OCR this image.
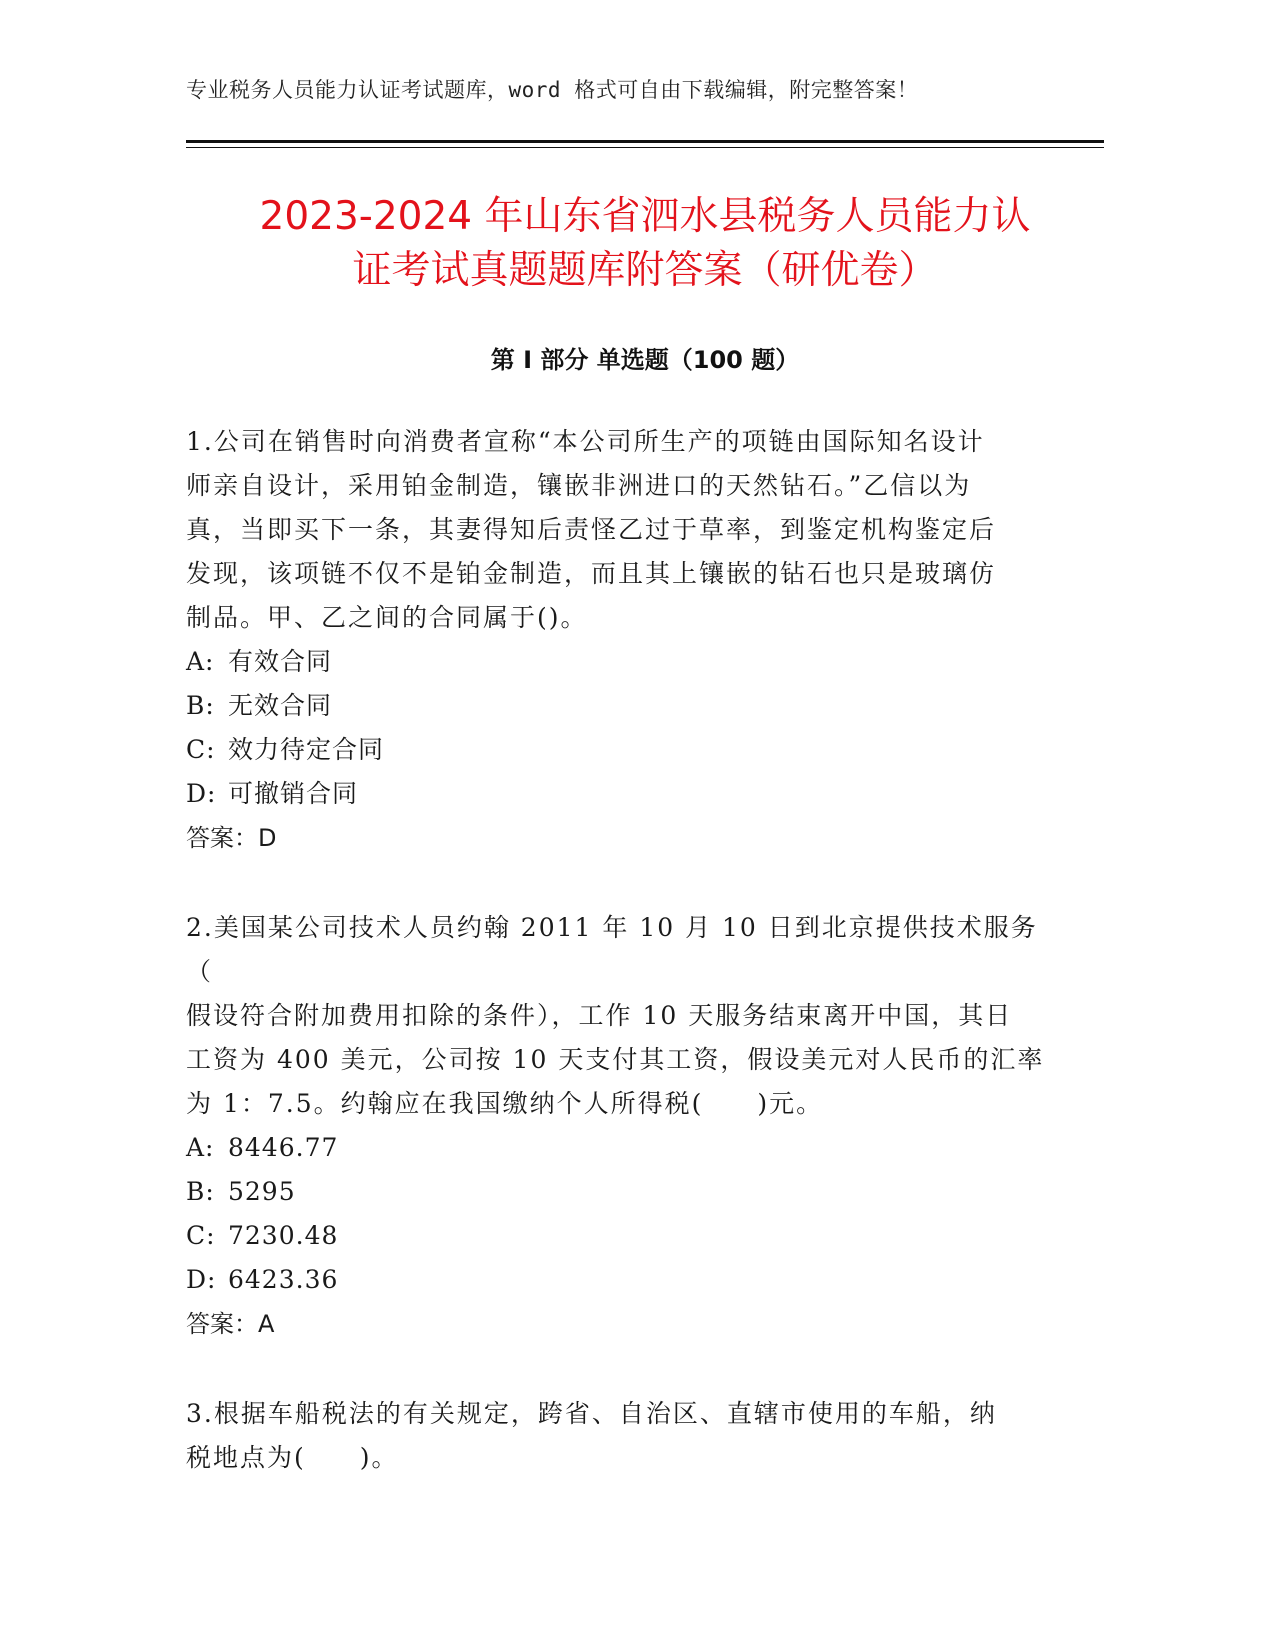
专业税务人员能力认证考试题库，word 格式可自由下载编辑，附完整答案！
2023-2024 年山东省泗水县税务人员能力认
证考试真题题库附答案（研优卷）
第 I 部分 单选题（100 题）

1.公司在销售时向消费者宣称“本公司所生产的项链由国际知名设计
师亲自设计，采用铂金制造，镶嵌非洲进口的天然钻石。”乙信以为
真，当即买下一条，其妻得知后责怪乙过于草率，到鉴定机构鉴定后
发现，该项链不仅不是铂金制造，而且其上镶嵌的钻石也只是玻璃仿
制品。甲、乙之间的合同属于()。

A: 有效合同
B: 无效合同
C: 效力待定合同
D: 可撤销合同

答案：D

2.美国某公司技术人员约翰 2011 年 10 月 10 日到北京提供技术服务（
假设符合附加费用扣除的条件），工作 10 天服务结束离开中国，其日
工资为 400 美元，公司按 10 天支付其工资，假设美元对人民币的汇率
为 1：7.5。约翰应在我国缴纳个人所得税(　　)元。

A: 8446.77
B: 5295
C: 7230.48
D: 6423.36

答案：A

3.根据车船税法的有关规定，跨省、自治区、直辖市使用的车船，纳
税地点为(　　)。
